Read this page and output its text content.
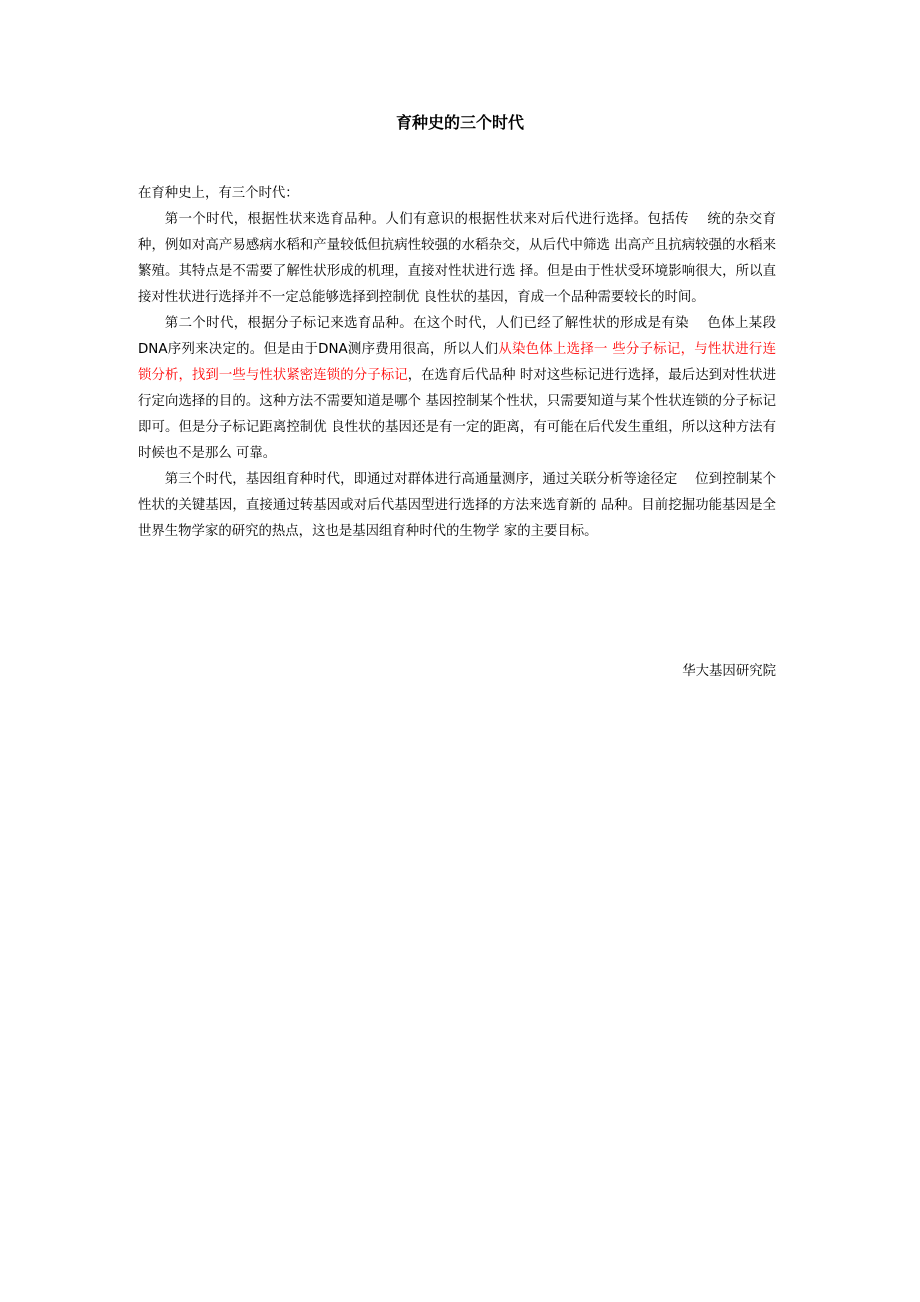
育种史的三个时代

在育种史上，有三个时代：

第一个时代，根据性状来选育品种。人们有意识的根据性状来对后代进行选择。包括传　 统的杂交育种，例如对高产易感病水稻和产量较低但抗病性较强的水稻杂交，从后代中筛选 出高产且抗病较强的水稻来繁殖。其特点是不需要了解性状形成的机理，直接对性状进行选 择。但是由于性状受环境影响很大，所以直接对性状进行选择并不一定总能够选择到控制优 良性状的基因，育成一个品种需要较长的时间。

第二个时代，根据分子标记来选育品种。在这个时代，人们已经了解性状的形成是有染　 色体上某段DNA序列来决定的。但是由于DNA测序费用很高，所以人们从染色体上选择一 些分子标记，与性状进行连锁分析，找到一些与性状紧密连锁的分子标记，在选育后代品种 时对这些标记进行选择，最后达到对性状进行定向选择的目的。这种方法不需要知道是哪个 基因控制某个性状，只需要知道与某个性状连锁的分子标记即可。但是分子标记距离控制优 良性状的基因还是有一定的距离，有可能在后代发生重组，所以这种方法有时候也不是那么 可靠。

第三个时代，基因组育种时代，即通过对群体进行高通量测序，通过关联分析等途径定　 位到控制某个性状的关键基因，直接通过转基因或对后代基因型进行选择的方法来选育新的 品种。目前挖掘功能基因是全世界生物学家的研究的热点，这也是基因组育种时代的生物学 家的主要目标。

华大基因研究院
